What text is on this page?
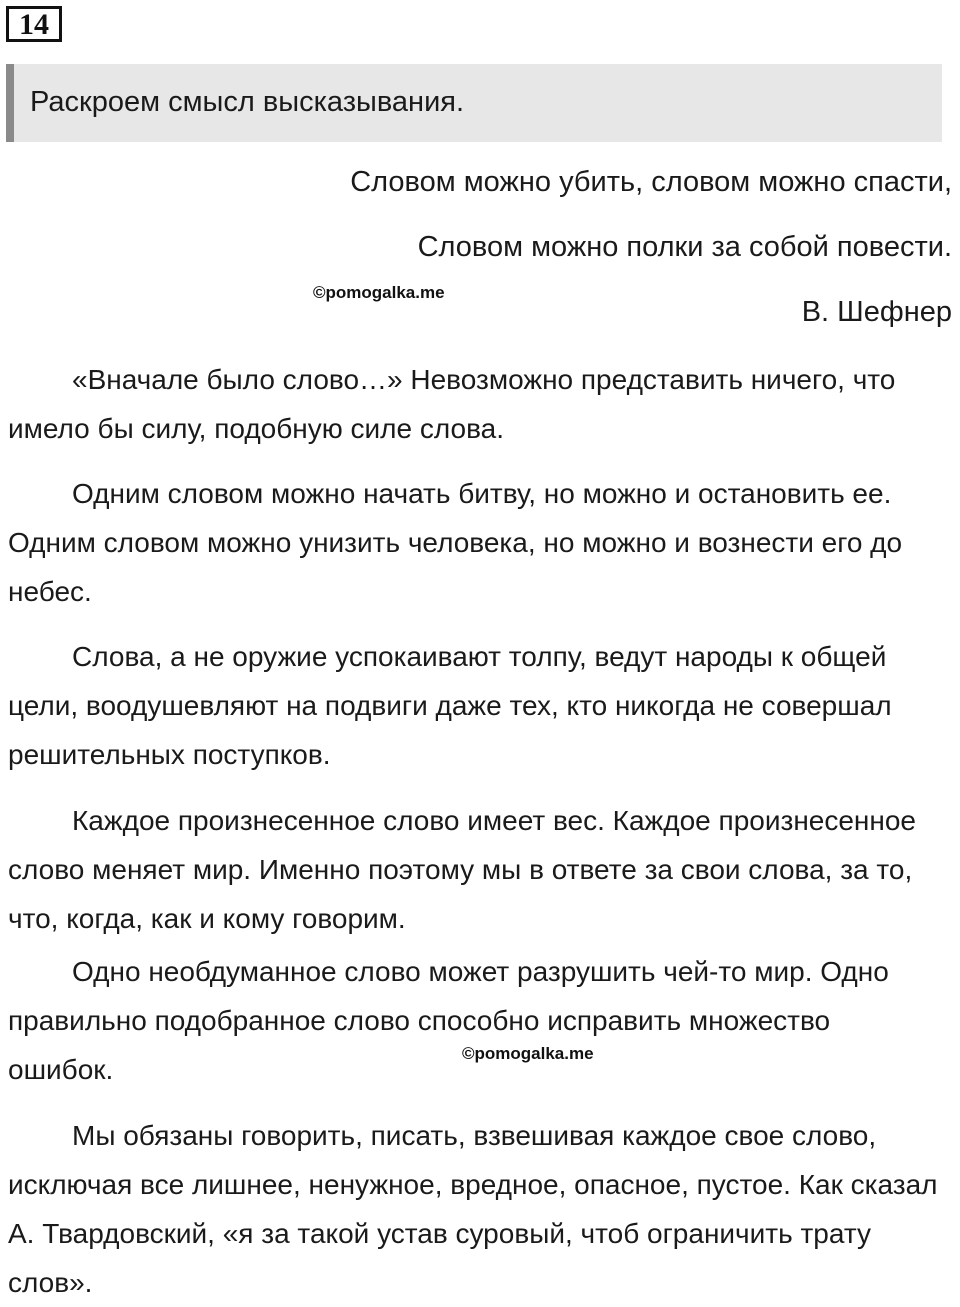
14
Раскроем смысл высказывания.
Словом можно убить, словом можно спасти,
Словом можно полки за собой повести.
В. Шефнер
©pomogalka.me

«Вначале было слово…» Невозможно представить ничего, что имело бы силу, подобную силе слова.

Одним словом можно начать битву, но можно и остановить ее. Одним словом можно унизить человека, но можно и вознести его до небес.

Слова, а не оружие успокаивают толпу, ведут народы к общей цели, воодушевляют на подвиги даже тех, кто никогда не совершал решительных поступков.

Каждое произнесенное слово имеет вес. Каждое произнесенное слово меняет мир. Именно поэтому мы в ответе за свои слова, за то, что, когда, как и кому говорим.

Одно необдуманное слово может разрушить чей-то мир. Одно правильно подобранное слово способно исправить множество ошибок.

©pomogalka.me

Мы обязаны говорить, писать, взвешивая каждое свое слово, исключая все лишнее, ненужное, вредное, опасное, пустое. Как сказал А. Твардовский, «я за такой устав суровый, чтоб ограничить трату слов».
